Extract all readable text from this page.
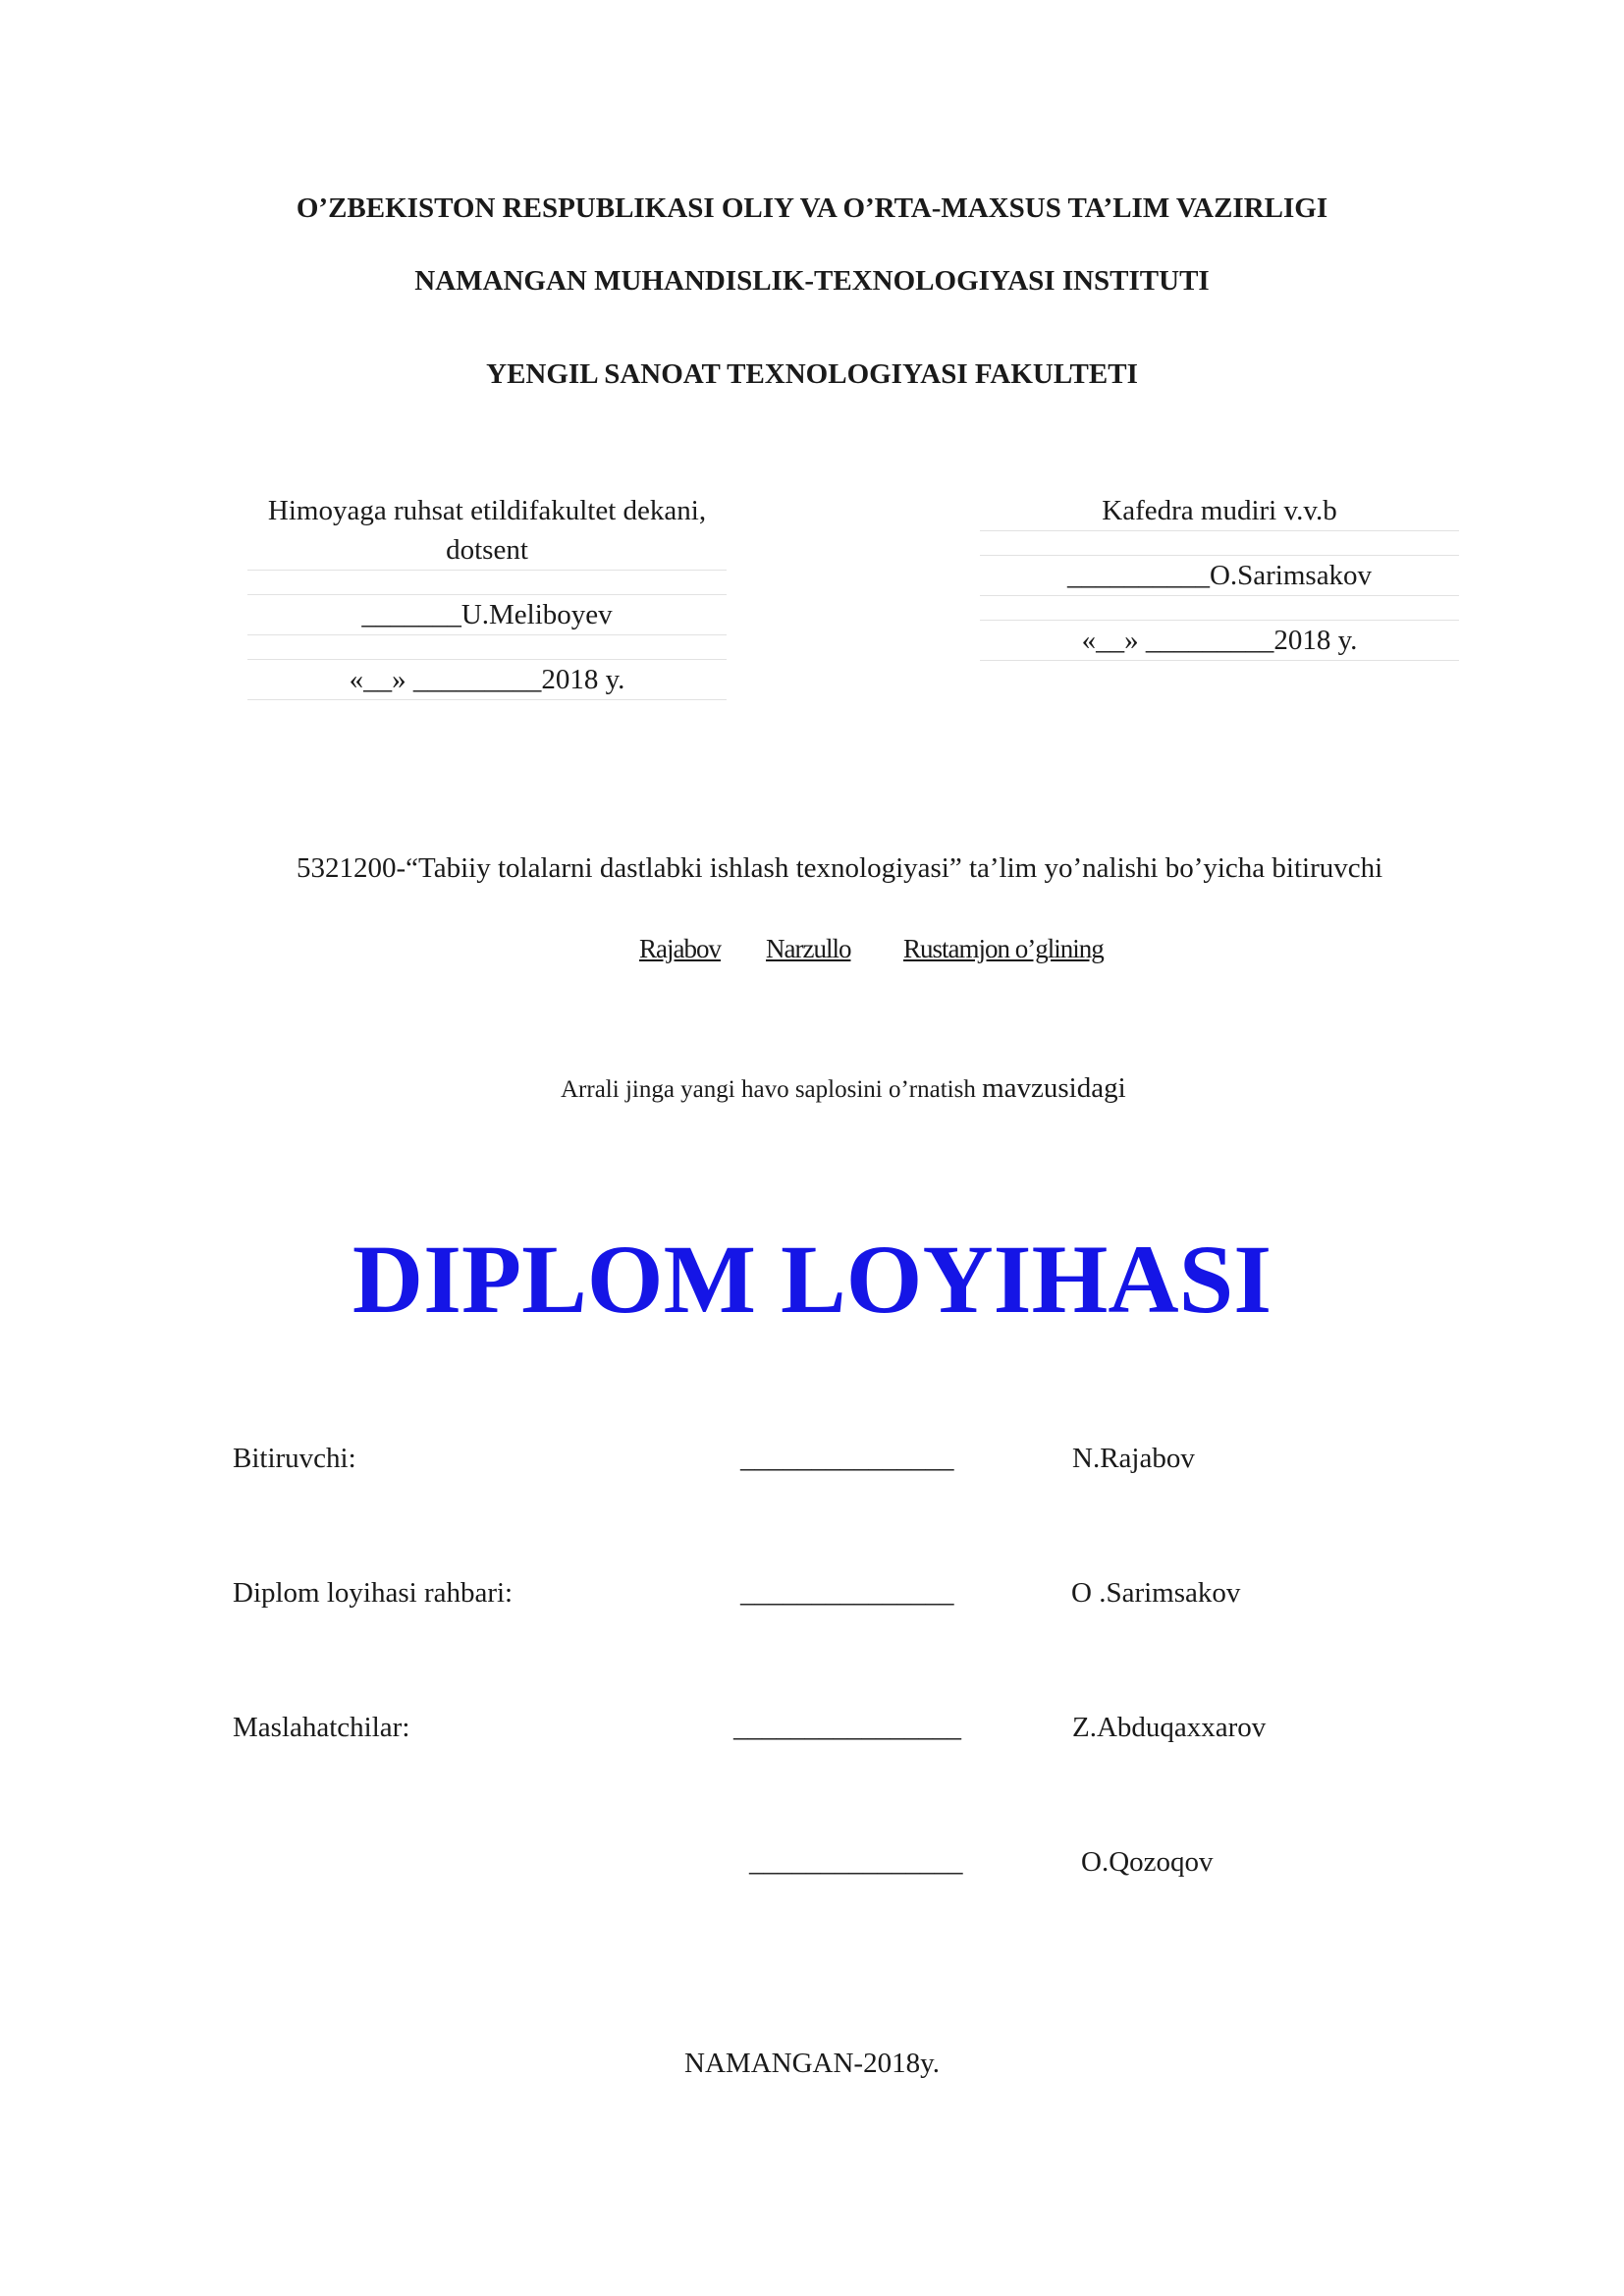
O’ZBEKISTON RESPUBLIKASI OLIY VA O’RTA-MAXSUS TA’LIM VAZIRLIGI
NAMANGAN MUHANDISLIK-TEXNOLOGIYASI INSTITUTI
YENGIL SANOAT TEXNOLOGIYASI FAKULTETI
Himoyaga ruhsat etildifakultet dekani,
dotsent
_______U.Meliboyev
«__» _________2018 y.
Kafedra mudiri v.v.b
__________O.Sarimsakov
«__» _________2018 y.
5321200-“Tabiiy tolalarni dastlabki ishlash texnologiyasi” ta’lim yo’nalishi bo’yicha bitiruvchi
Rajabov Narzullo Rustamjon o’glining
Arrali jinga yangi havo saplosini o’rnatish mavzusidagi
DIPLOM LOYIHASI
Bitiruvchi:	_______________	N.Rajabov
Diplom loyihasi rahbari:	_______________	O .Sarimsakov
Maslahatchilar:	________________	Z.Abduqaxxarov
_______________	O.Qozoqov
NAMANGAN-2018y.
